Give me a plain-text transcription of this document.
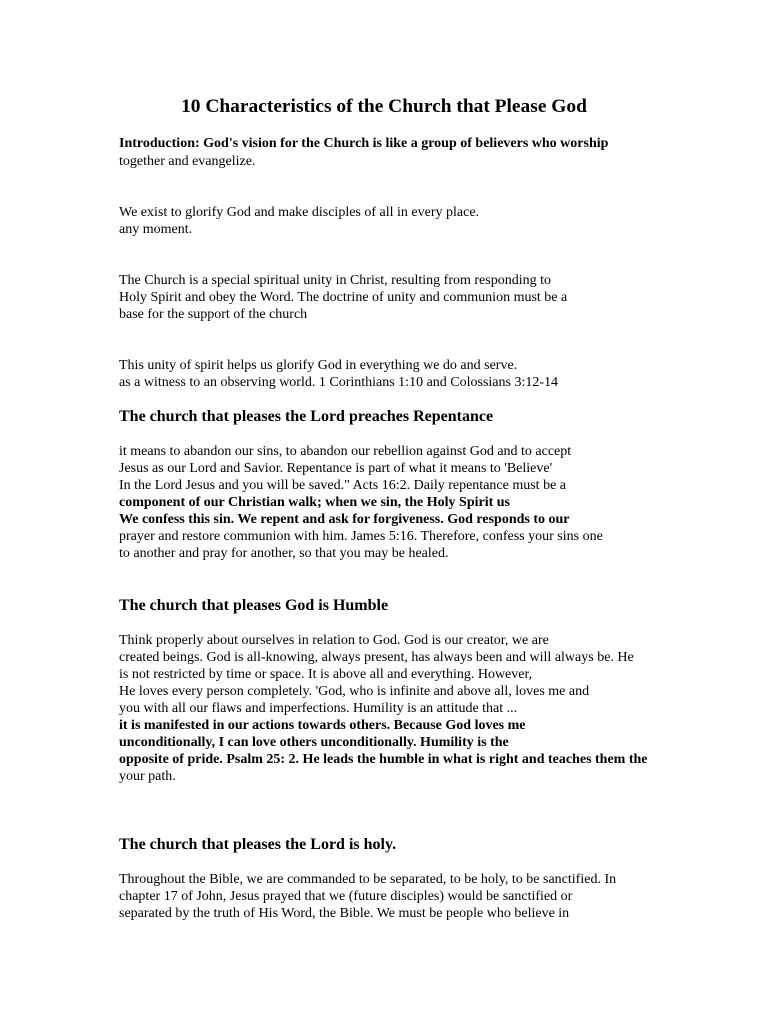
10 Characteristics of the Church that Please God
Introduction: God's vision for the Church is like a group of believers who worship
together and evangelize.
We exist to glorify God and make disciples of all in every place.
any moment.
The Church is a special spiritual unity in Christ, resulting from responding to
Holy Spirit and obey the Word. The doctrine of unity and communion must be a
base for the support of the church
This unity of spirit helps us glorify God in everything we do and serve.
as a witness to an observing world. 1 Corinthians 1:10 and Colossians 3:12-14
The church that pleases the Lord preaches Repentance
it means to abandon our sins, to abandon our rebellion against God and to accept
Jesus as our Lord and Savior. Repentance is part of what it means to 'Believe'
In the Lord Jesus and you will be saved." Acts 16:2. Daily repentance must be a
component of our Christian walk; when we sin, the Holy Spirit us
We confess this sin. We repent and ask for forgiveness. God responds to our
prayer and restore communion with him. James 5:16. Therefore, confess your sins one
to another and pray for another, so that you may be healed.
The church that pleases God is Humble
Think properly about ourselves in relation to God. God is our creator, we are
created beings. God is all-knowing, always present, has always been and will always be. He
is not restricted by time or space. It is above all and everything. However,
He loves every person completely. 'God, who is infinite and above all, loves me and
you with all our flaws and imperfections. Humility is an attitude that ...
it is manifested in our actions towards others. Because God loves me
unconditionally, I can love others unconditionally. Humility is the
opposite of pride. Psalm 25: 2. He leads the humble in what is right and teaches them the
your path.
The church that pleases the Lord is holy.
Throughout the Bible, we are commanded to be separated, to be holy, to be sanctified. In
chapter 17 of John, Jesus prayed that we (future disciples) would be sanctified or
separated by the truth of His Word, the Bible. We must be people who believe in
